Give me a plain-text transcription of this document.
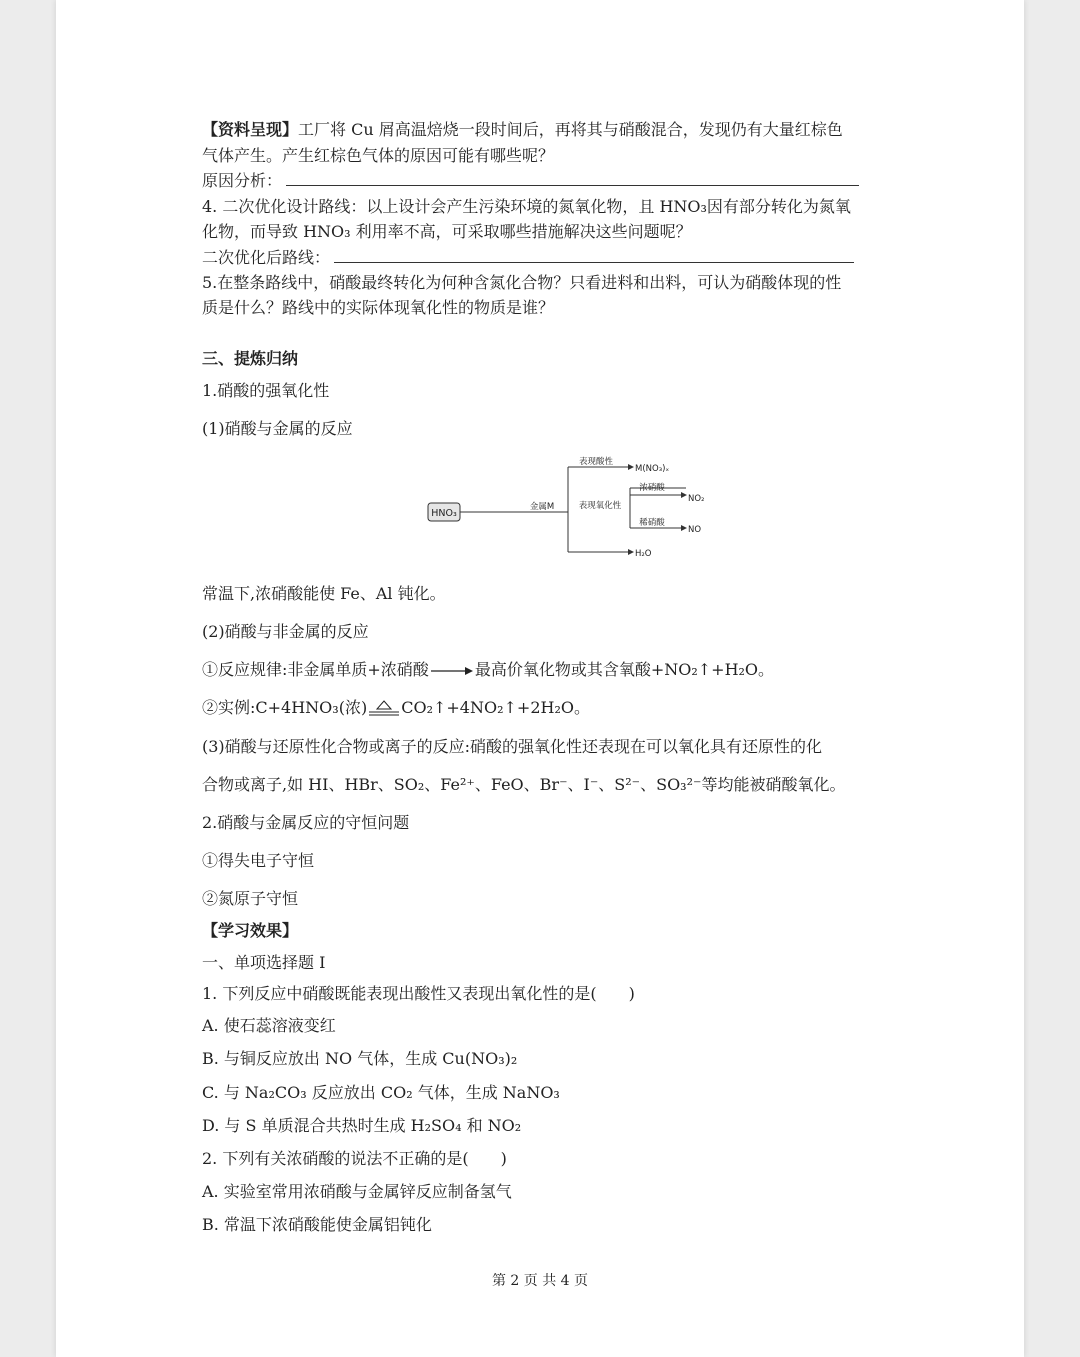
【资料呈现】工厂将 Cu 屑高温焙烧一段时间后，再将其与硝酸混合，发现仍有大量红棕色

气体产生。产生红棕色气体的原因可能有哪些呢？

原因分析：

4. 二次优化设计路线：以上设计会产生污染环境的氮氧化物，且 HNO₃因有部分转化为氮氧

化物，而导致 HNO₃ 利用率不高，可采取哪些措施解决这些问题呢？

二次优化后路线：

5.在整条路线中，硝酸最终转化为何种含氮化合物？只看进料和出料，可认为硝酸体现的性

质是什么？路线中的实际体现氧化性的物质是谁？

三、提炼归纳

1.硝酸的强氧化性

(1)硝酸与金属的反应

HNO₃
金属M
表现酸性
M(NO₃)ₓ
表现氧化性
浓硝酸
NO₂
稀硝酸
NO
H₂O

常温下,浓硝酸能使 Fe、Al 钝化。

(2)硝酸与非金属的反应

①反应规律:非金属单质+浓硝酸	最高价氧化物或其含氧酸+NO₂↑+H₂O。

②实例:C+4HNO₃(浓) CO₂↑+4NO₂↑+2H₂O。

(3)硝酸与还原性化合物或离子的反应:硝酸的强氧化性还表现在可以氧化具有还原性的化

合物或离子,如 HI、HBr、SO₂、Fe²⁺、FeO、Br⁻、I⁻、S²⁻、SO₃²⁻等均能被硝酸氧化。

2.硝酸与金属反应的守恒问题

①得失电子守恒

②氮原子守恒

【学习效果】

一、单项选择题 I

1. 下列反应中硝酸既能表现出酸性又表现出氧化性的是(　　)

A. 使石蕊溶液变红

B. 与铜反应放出 NO 气体，生成 Cu(NO₃)₂

C. 与 Na₂CO₃ 反应放出 CO₂ 气体，生成 NaNO₃

D. 与 S 单质混合共热时生成 H₂SO₄ 和 NO₂

2. 下列有关浓硝酸的说法不正确的是(　　)

A. 实验室常用浓硝酸与金属锌反应制备氢气

B. 常温下浓硝酸能使金属铝钝化

第 2 页 共 4 页
